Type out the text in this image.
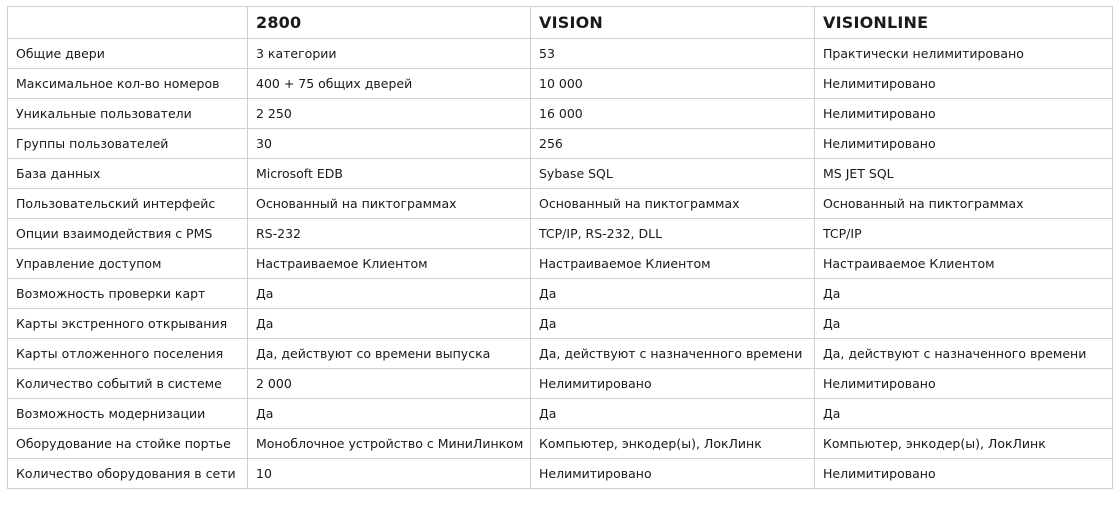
	2800	VISION	VISIONLINE
Общие двери	3 категории	53	Практически нелимитировано
Максимальное кол-во номеров	400 + 75 общих дверей	10 000	Нелимитировано
Уникальные пользователи	2 250	16 000	Нелимитировано
Группы пользователей	30	256	Нелимитировано
База данных	Microsoft EDB	Sybase SQL	MS JET SQL
Пользовательский интерфейс	Основанный на пиктограммах	Основанный на пиктограммах	Основанный на пиктограммах
Опции взаимодействия с PMS	RS-232	TCP/IP, RS-232, DLL	TCP/IP
Управление доступом	Настраиваемое Клиентом	Настраиваемое Клиентом	Настраиваемое Клиентом
Возможность проверки карт	Да	Да	Да
Карты экстренного открывания	Да	Да	Да
Карты отложенного поселения	Да, действуют со времени выпуска	Да, действуют с назначенного времени	Да, действуют с назначенного времени
Количество событий в системе	2 000	Нелимитировано	Нелимитировано
Возможность модернизации	Да	Да	Да
Оборудование на стойке портье	Моноблочное устройство с МиниЛинком	Компьютер, энкодер(ы), ЛокЛинк	Компьютер, энкодер(ы), ЛокЛинк
Количество оборудования в сети	10	Нелимитировано	Нелимитировано
